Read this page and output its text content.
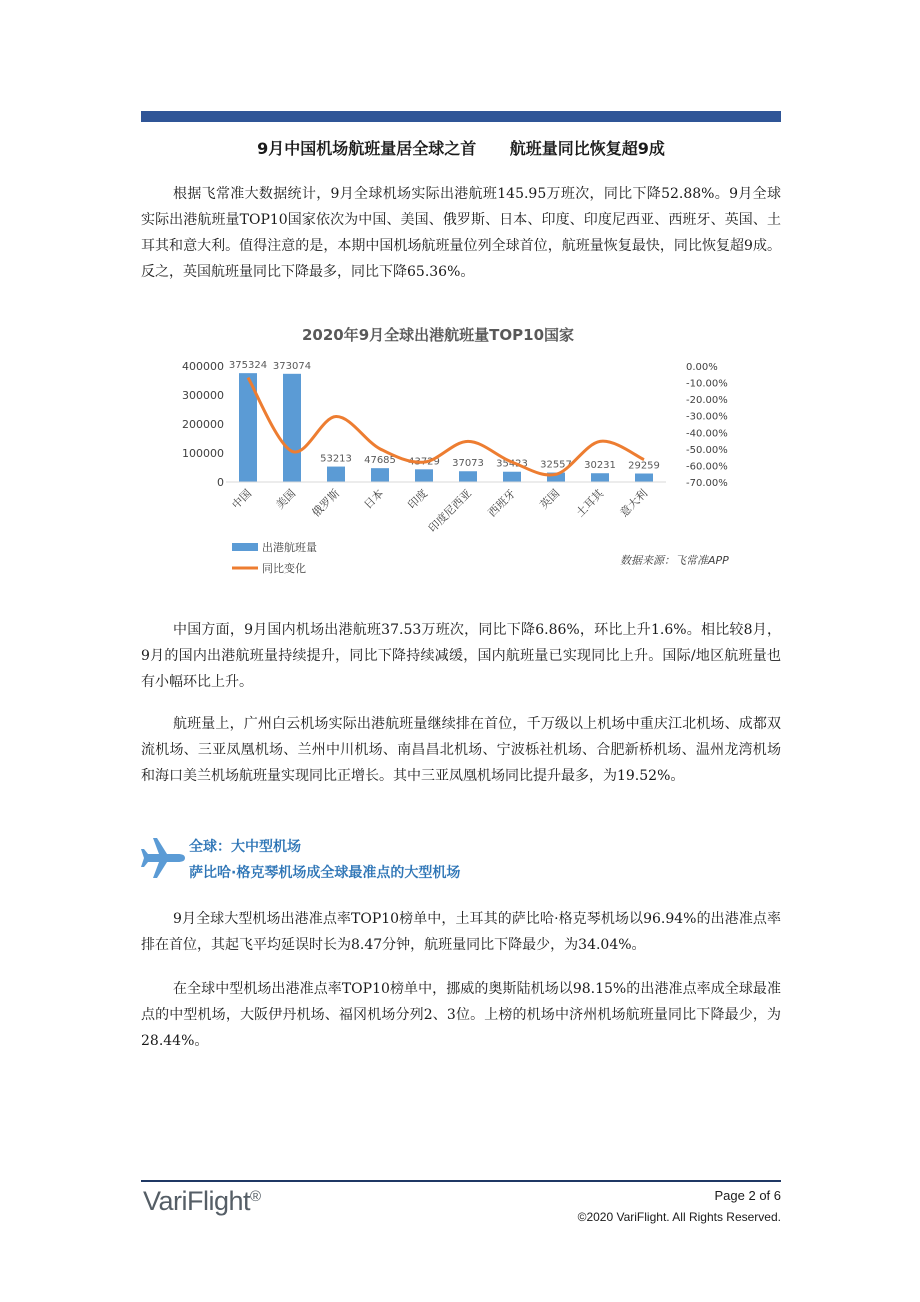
9月中国机场航班量居全球之首      航班量同比恢复超9成

根据飞常准大数据统计，9月全球机场实际出港航班145.95万班次，同比下降52.88%。9月全球实际出港航班量TOP10国家依次为中国、美国、俄罗斯、日本、印度、印度尼西亚、西班牙、英国、土耳其和意大利。值得注意的是，本期中国机场航班量位列全球首位，航班量恢复最快，同比恢复超9成。反之，英国航班量同比下降最多，同比下降65.36%。

2020年9月全球出港航班量TOP10国家
0
100000
200000
300000
400000	0.00%
-10.00%
-20.00%
-30.00%
-40.00%
-50.00%
-60.00%
-70.00%
375324 373074
53213 47685 43729 37073 35423 32557 30231 29259
中国 美国 俄罗斯 日本 印度
印度尼西亚 西班牙 英国 土耳其 意大利
出港航班量
同比变化
数据来源：飞常准APP

中国方面，9月国内机场出港航班37.53万班次，同比下降6.86%，环比上升1.6%。相比较8月，9月的国内出港航班量持续提升，同比下降持续减缓，国内航班量已实现同比上升。国际/地区航班量也有小幅环比上升。

航班量上，广州白云机场实际出港航班量继续排在首位，千万级以上机场中重庆江北机场、成都双流机场、三亚凤凰机场、兰州中川机场、南昌昌北机场、宁波栎社机场、合肥新桥机场、温州龙湾机场和海口美兰机场航班量实现同比正增长。其中三亚凤凰机场同比提升最多，为19.52%。

全球：大中型机场
萨比哈·格克琴机场成全球最准点的大型机场

9月全球大型机场出港准点率TOP10榜单中，土耳其的萨比哈·格克琴机场以96.94%的出港准点率排在首位，其起飞平均延误时长为8.47分钟，航班量同比下降最少，为34.04%。

在全球中型机场出港准点率TOP10榜单中，挪威的奥斯陆机场以98.15%的出港准点率成全球最准点的中型机场，大阪伊丹机场、福冈机场分列2、3位。上榜的机场中济州机场航班量同比下降最少，为28.44%。

VariFlight®	Page 2 of 6
©2020 VariFlight. All Rights Reserved.
